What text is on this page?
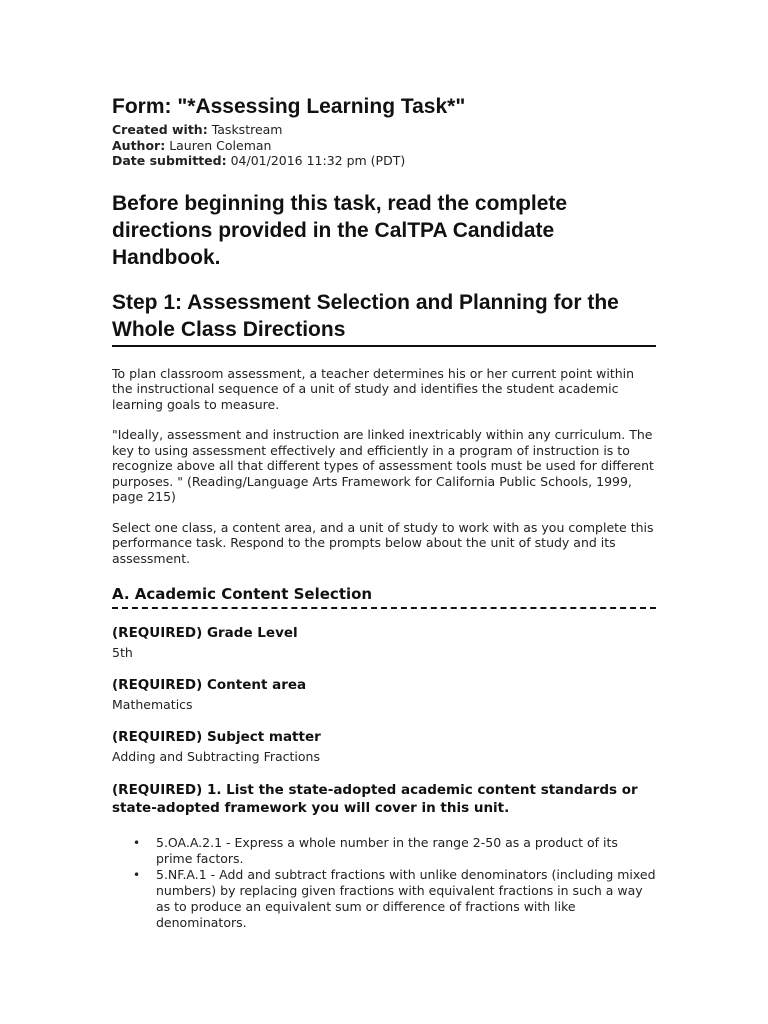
Form: "*Assessing Learning Task*"
Created with: Taskstream
Author: Lauren Coleman
Date submitted: 04/01/2016 11:32 pm (PDT)
Before beginning this task, read the complete directions provided in the CalTPA Candidate Handbook.
Step 1: Assessment Selection and Planning for the Whole Class Directions

To plan classroom assessment, a teacher determines his or her current point within the instructional sequence of a unit of study and identifies the student academic learning goals to measure.

"Ideally, assessment and instruction are linked inextricably within any curriculum. The key to using assessment effectively and efficiently in a program of instruction is to recognize above all that different types of assessment tools must be used for different purposes. " (Reading/Language Arts Framework for California Public Schools, 1999, page 215)

Select one class, a content area, and a unit of study to work with as you complete this performance task. Respond to the prompts below about the unit of study and its assessment.

A. Academic Content Selection
(REQUIRED) Grade Level
5th
(REQUIRED) Content area
Mathematics
(REQUIRED) Subject matter
Adding and Subtracting Fractions
(REQUIRED) 1. List the state-adopted academic content standards or state-adopted framework you will cover in this unit.
• 5.OA.A.2.1 - Express a whole number in the range 2-50 as a product of its prime factors.
• 5.NF.A.1 - Add and subtract fractions with unlike denominators (including mixed numbers) by replacing given fractions with equivalent fractions in such a way as to produce an equivalent sum or difference of fractions with like denominators.
